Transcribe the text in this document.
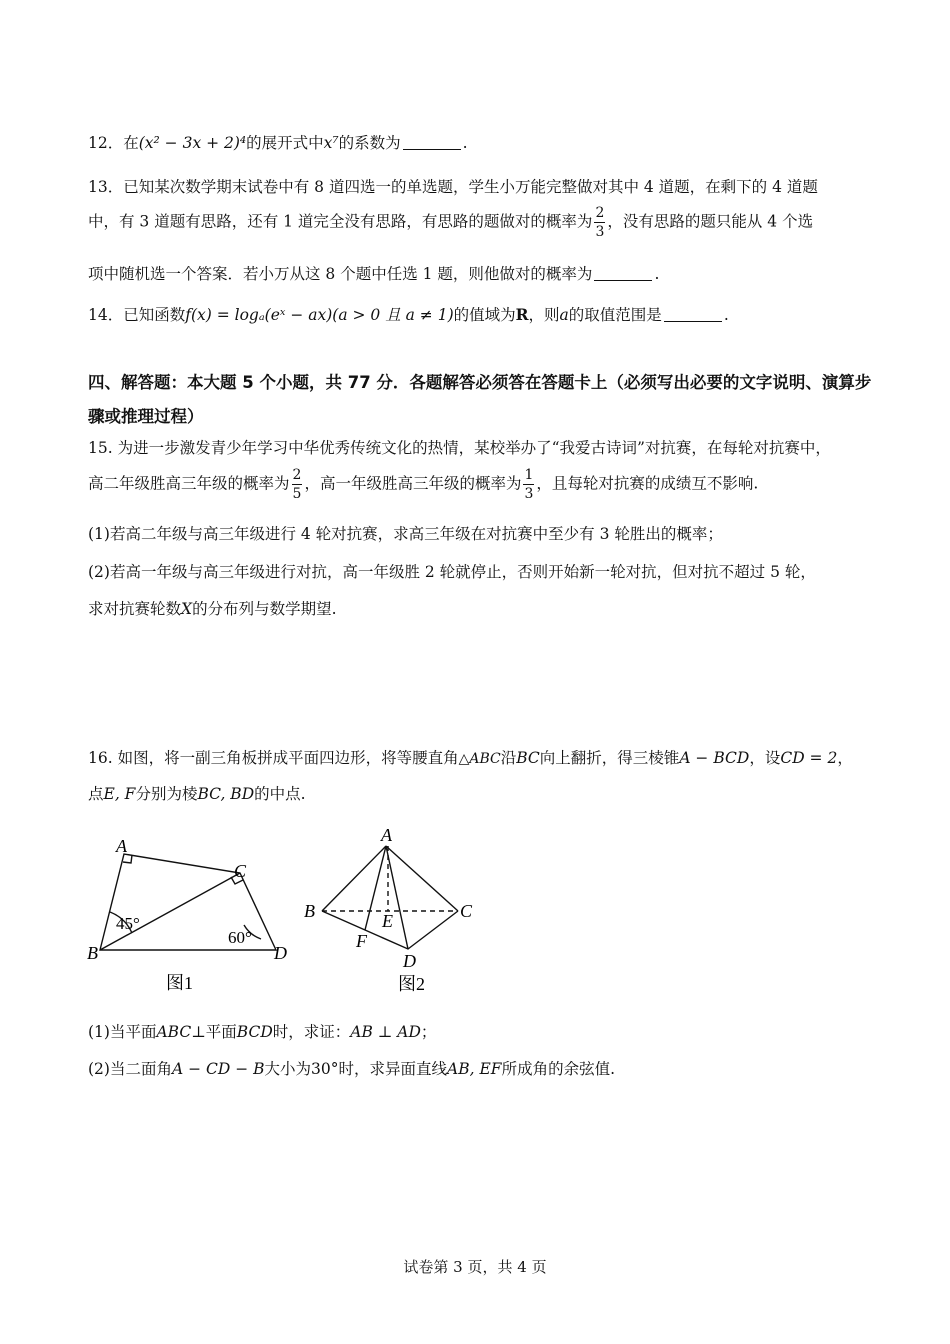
12．在(x² − 3x + 2)⁴的展开式中x⁷的系数为	.
13．已知某次数学期末试卷中有 8 道四选一的单选题，学生小万能完整做对其中 4 道题，在剩下的 4 道题
中，有 3 道题有思路，还有 1 道完全没有思路，有思路的题做对的概率为 $\frac{2}{3}$ ，没有思路的题只能从 4 个选
项中随机选一个答案．若小万从这 8 个题中任选 1 题，则他做对的概率为	.
14．已知函数f(x) = logₐ(eˣ − ax)(a > 0 且 a ≠ 1)的值域为R，则a的取值范围是	.
四、解答题：本大题 5 个小题，共 77 分．各题解答必须答在答题卡上（必须写出必要的文字说明、演算步骤或推理过程）
15. 为进一步激发青少年学习中华优秀传统文化的热情，某校举办了“我爱古诗词”对抗赛，在每轮对抗赛中，
高二年级胜高三年级的概率为 $\frac{2}{5}$ ，高一年级胜高三年级的概率为 $\frac{1}{3}$ ，且每轮对抗赛的成绩互不影响.
(1)若高二年级与高三年级进行 4 轮对抗赛，求高三年级在对抗赛中至少有 3 轮胜出的概率；
(2)若高一年级与高三年级进行对抗，高一年级胜 2 轮就停止，否则开始新一轮对抗，但对抗不超过 5 轮，
求对抗赛轮数X的分布列与数学期望.
16. 如图，将一副三角板拼成平面四边形，将等腰直角△ABC沿BC向上翻折，得三棱锥A − BCD，设CD = 2，
点E, F分别为棱BC, BD的中点.
A
C
B	D
45°
60°
图1
A
B	C
E
F
D
图2
(1)当平面ABC⊥平面BCD时，求证：AB ⊥ AD；
(2)当二面角A − CD − B大小为30°时，求异面直线AB, EF所成角的余弦值.
试卷第 3 页，共 4 页
